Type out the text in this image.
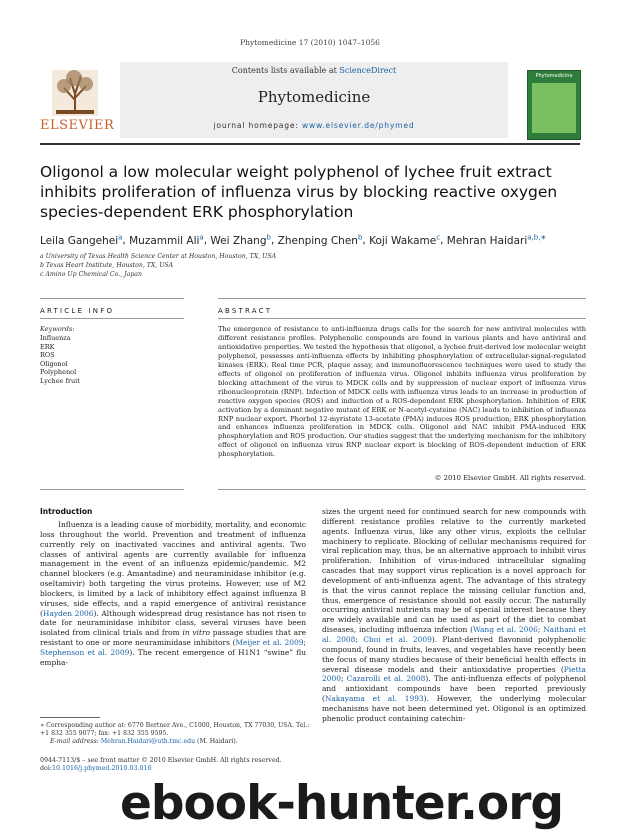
Phytomedicine 17 (2010) 1047–1056
ELSEVIER
Contents lists available at ScienceDirect
Phytomedicine
journal homepage: www.elsevier.de/phymed
Phytomedicine
Oligonol a low molecular weight polyphenol of lychee fruit extract inhibits proliferation of influenza virus by blocking reactive oxygen species-dependent ERK phosphorylation
Leila Gangehei$^a$, Muzammil Ali$^a$, Wei Zhang$^b$, Zhenping Chen$^b$, Koji Wakame$^c$, Mehran Haidari$^{a,b,∗}$
a University of Texas Health Science Center at Houston, Houston, TX, USA
b Texas Heart Institute, Houston, TX, USA
c Amino Up Chemical Co., Japan
ARTICLE INFO	ABSTRACT
Keywords:
Influenza
ERK
ROS
Oligonol
Polyphenol
Lychee fruit
The emergence of resistance to anti-influenza drugs calls for the search for new antiviral molecules with different resistance profiles. Polyphenolic compounds are found in various plants and have antiviral and antioxidative properties. We tested the hypothesis that oligonol, a lychee fruit-derived low molecular weight polyphenol, possesses anti-influenza effects by inhibiting phosphorylation of extracellular-signal-regulated kinases (ERK). Real time PCR, plaque assay, and immunofluorescence techniques were used to study the effects of oligonol on proliferation of influenza virus. Oligonol inhibits influenza virus proliferation by blocking attachment of the virus to MDCK cells and by suppression of nuclear export of influenza virus ribonucleoprotein (RNP). Infection of MDCK cells with influenza virus leads to an increase in production of reactive oxygen species (ROS) and induction of a ROS-dependent ERK phosphorylation. Inhibition of ERK activation by a dominant negative mutant of ERK or N-acetyl-cysteine (NAC) leads to inhibition of influenza RNP nuclear export. Phorbol 12-myristate 13-acetate (PMA) induces ROS production, ERK phosphorylation and enhances influenza proliferation in MDCK cells. Oligonol and NAC inhibit PMA-induced ERK phosphorylation and ROS production. Our studies suggest that the underlying mechanism for the inhibitory effect of oligonol on influenza virus RNP nuclear export is blocking of ROS-dependent induction of ERK phosphorylation.
© 2010 Elsevier GmbH. All rights reserved.
Introduction

Influenza is a leading cause of morbidity, mortality, and economic loss throughout the world. Prevention and treatment of influenza currently rely on inactivated vaccines and antiviral agents. Two classes of antiviral agents are currently available for influenza management in the event of an influenza epidemic/pandemic. M2 channel blockers (e.g. Amantadine) and neuraminidase inhibitor (e.g. oseltamivir) both targeting the virus proteins. However, use of M2 blockers, is limited by a lack of inhibitory effect against influenza B viruses, side effects, and a rapid emergence of antiviral resistance (Hayden 2006). Although widespread drug resistance has not risen to date for neuraminidase inhibitor class, several viruses have been isolated from clinical trials and from in vitro passage studies that are resistant to one or more neuraminidase inhibitors (Meijer et al. 2009; Stephenson et al. 2009). The recent emergence of H1N1 “swine” flu empha-

sizes the urgent need for continued search for new compounds with different resistance profiles relative to the currently marketed agents. Influenza virus, like any other virus, exploits the cellular machinery to replicate. Blocking of cellular mechanisms required for viral replication may, thus, be an alternative approach to inhibit virus proliferation. Inhibition of virus-induced intracellular signaling cascades that may support virus replication is a novel approach for development of anti-influenza agent. The advantage of this strategy is that the virus cannot replace the missing cellular function and, thus, emergence of resistance should not easily occur. The naturally occurring antiviral nutrients may be of special interest because they are widely available and can be used as part of the diet to combat diseases, including influenza infection (Wang et al. 2006; Naithani et al. 2008; Choi et al. 2009). Plant-derived flavonoid polyphenolic compound, found in fruits, leaves, and vegetables have recently been the focus of many studies because of their beneficial health effects in several disease models and their antioxidative properties (Pietta 2000; Cazarolli et al. 2008). The anti-influenza effects of polyphenol and antioxidant compounds have been reported previously (Nakayama et al. 1993). However, the underlying molecular mechanisms have not been determined yet. Oligonol is an optimized phenolic product containing catechin-

∗ Corresponding author at: 6770 Bertner Ave., C1000, Houston, TX 77030, USA. Tel.: +1 832 355 9077; fax: +1 832 355 9595.
E-mail address: Mehran.Haidari@uth.tmc.edu (M. Haidari).
0944-7113/$ – see front matter © 2010 Elsevier GmbH. All rights reserved.
doi:10.1016/j.phymed.2010.03.016
ebook-hunter.org
